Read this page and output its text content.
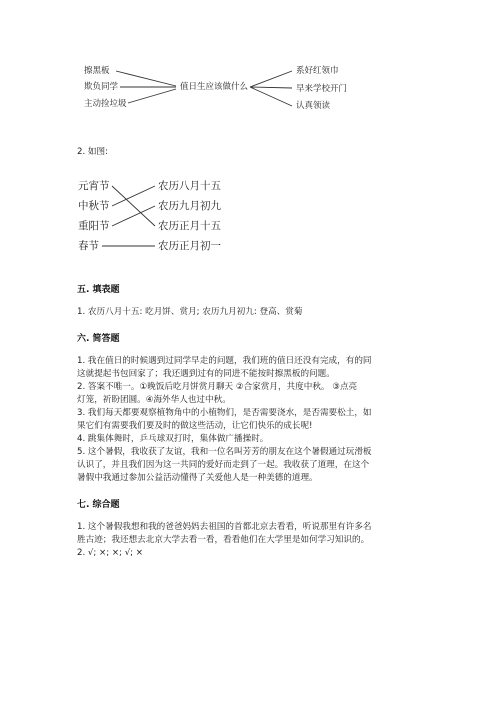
擦黑板
欺负同学
主动捡垃圾
值日生应该做什么
系好红领巾
早来学校开门
认真领读
2. 如图:
元宵节
中秋节
重阳节
春节
农历八月十五
农历九月初九
农历正月十五
农历正月初一
五. 填表题
1. 农历八月十五: 吃月饼、赏月; 农历九月初九: 登高、赏菊
六. 简答题
1. 我在值日的时候遇到过同学早走的问题，我们班的值日还没有完成，有的同
这就提起书包回家了；我还遇到过有的同进不能按时擦黑板的问题。
2. 答案不唯一。①晚饭后吃月饼赏月聊天 ②合家赏月，共度中秋。 ③点亮
灯笼，祈盼团圆。④海外华人也过中秋。
3. 我们每天都要观察植物角中的小植物们，是否需要浇水，是否需要松土，如
果它们有需要我们要及时的做这些活动，让它们快乐的成长呢!
4. 跳集体舞时，乒乓球双打时，集体做广播操时。
5. 这个暑假，我收获了友谊，我和一位名叫芳芳的朋友在这个暑假通过玩滑板
认识了，并且我们因为这一共同的爱好而走到了一起。我收获了道理，在这个
暑假中我通过参加公益活动懂得了关爱他人是一种美德的道理。
七. 综合题
1. 这个暑假我想和我的爸爸妈妈去祖国的首都北京去看看，听说那里有许多名
胜古迹；我还想去北京大学去看一看，看看他们在大学里是如何学习知识的。
2. √; ×; ×; √; ×
